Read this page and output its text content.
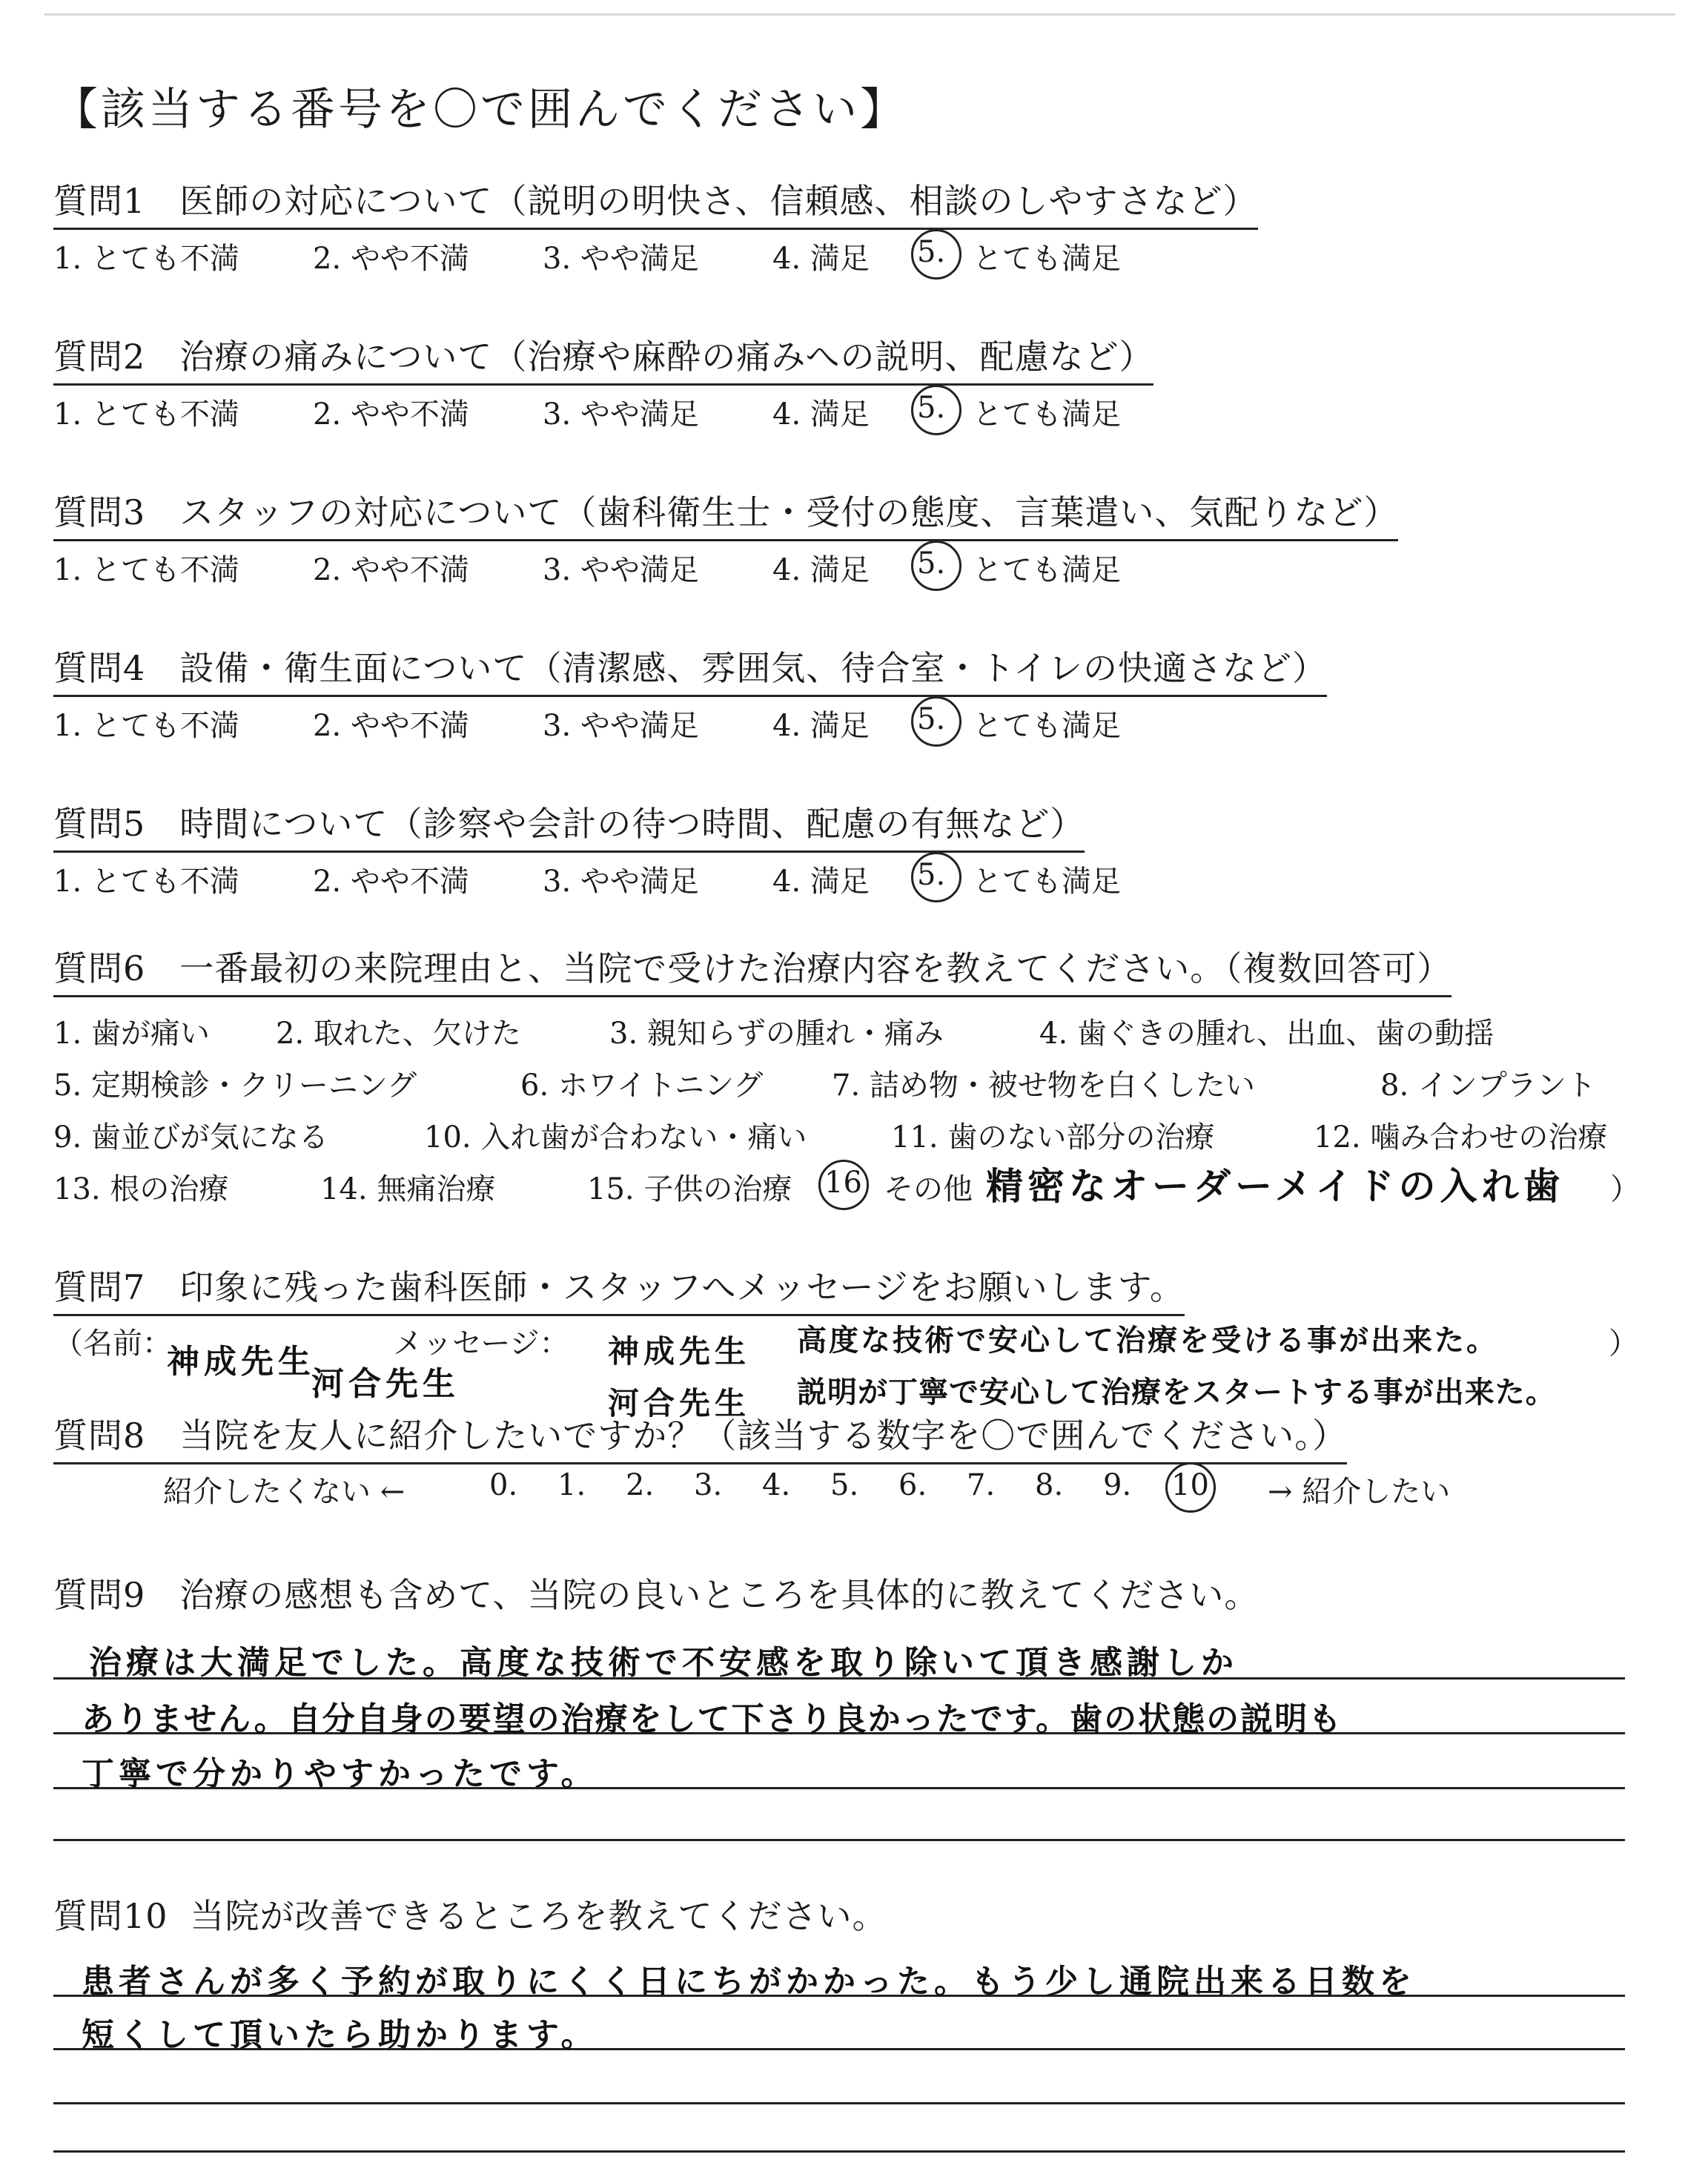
【該当する番号を〇で囲んでください】
質問1 医師の対応について（説明の明快さ、信頼感、相談のしやすさなど）
1. とても不満 2. やや不満 3. やや満足 4. 満足 5. とても満足
質問2 治療の痛みについて（治療や麻酔の痛みへの説明、配慮など）
1. とても不満 2. やや不満 3. やや満足 4. 満足 5. とても満足
質問3 スタッフの対応について（歯科衛生士・受付の態度、言葉遣い、気配りなど）
1. とても不満 2. やや不満 3. やや満足 4. 満足 5. とても満足
質問4 設備・衛生面について（清潔感、雰囲気、待合室・トイレの快適さなど）
1. とても不満 2. やや不満 3. やや満足 4. 満足 5. とても満足
質問5 時間について（診察や会計の待つ時間、配慮の有無など）
1. とても不満 2. やや不満 3. やや満足 4. 満足 5. とても満足
質問6 一番最初の来院理由と、当院で受けた治療内容を教えてください。（複数回答可）
1. 歯が痛い 2. 取れた、欠けた	3. 親知らずの腫れ・痛み	4. 歯ぐきの腫れ、出血、歯の動揺
5. 定期検診・クリーニング	6. ホワイトニング 7. 詰め物・被せ物を白くしたい	8. インプラント
9. 歯並びが気になる	10. 入れ歯が合わない・痛い	11. 歯のない部分の治療	12. 噛み合わせの治療
13. 根の治療	14. 無痛治療	15. 子供の治療 16 その他（	）
精密なオーダーメイドの入れ歯
質問7 印象に残った歯科医師・スタッフへメッセージをお願いします。
（名前：	メッセージ：	）
神成先生
河合先生
神成先生
河合先生
高度な技術で安心して治療を受ける事が出来た。
説明が丁寧で安心して治療をスタートする事が出来た。
質問8 当院を友人に紹介したいですか？（該当する数字を〇で囲んでください。）
紹介したくない ←	0. 1. 2. 3. 4. 5. 6. 7. 8. 9. 10 → 紹介したい
質問9 治療の感想も含めて、当院の良いところを具体的に教えてください。
治療は大満足でした。高度な技術で不安感を取り除いて頂き感謝しか
ありません。自分自身の要望の治療をして下さり良かったです。歯の状態の説明も
丁寧で分かりやすかったです。
質問10 当院が改善できるところを教えてください。
患者さんが多く予約が取りにくく日にちがかかった。もう少し通院出来る日数を
短くして頂いたら助かります。
